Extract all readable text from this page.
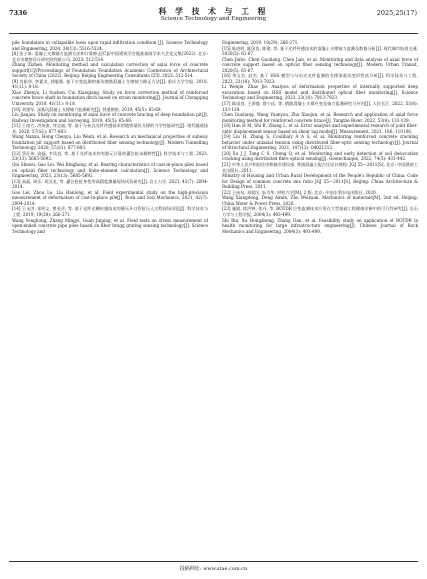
7336	科 学 技 术 与 工 程
Science Technology and Engineering
2025,25(17)

pile foundation in collapsible loess upon rapid infiltration condition [J]. Science Technology and Engineering, 2024, 24(13): 5516-5524.

[8] 张子真. 混凝土支撑轴力监测方法和计算修正[C]//中国建筑学会地基基础学术大会论文集(2022). 北京: 北京市勘察设计研究院有限公司, 2023: 512-514.

Zhang Zizhen. Monitoring method and calculation correction of axial force of concrete support[C]//Proceedings of Foundation Foundation Academic Conference of Architectural Society of China (2022). Beijing: Beijing Engineering Consultants LTD, 2023: 512-514.

[9] 肖振华, 李素贞, 郭聪强. 基于应变监测的基坑钢筋混凝土支撑轴力修正方法[J]. 重庆大学学报, 2018, 41(11): 8-18.

Xiao Zhenyu, Li Suzhen, Cui Xiaoqiang. Study on force correction method of reinforced concrete brace shaft in foundation ditch based on strain monitoring[J]. Journal of Chongqing University, 2018, 41(11): 8-18.

[10] 刘建军. 深基坑混凝土支撑轴力监测研究[J]. 铁道勘察, 2019, 45(5): 65-69.

Liu Jianjun. Study on monitoring of axial force of concrete bracing of deep foundation pit[J]. Railway Investigation and Surveying, 2019, 45(5): 65-69.

[11] 王南方, 洪成南, 刘文丽, 等. 基于分布式光纤传感技术的地铁基坑支撑的力学性能研究[J]. 现代隧道技术, 2020, 57(S1): 877-883.

Wang Nanxu, Hong Chenyu, Liu Wenli, et al. Research on mechanical properties of subway foundation pit support based on distributed fiber sensing technology[J]. Modern Tunnelling Technology, 2020, 57(S1): 877-883.

[12] 蔡仕伟, 高磊, 韦凤良, 等. 基于光纤技术和有限元计算的灌注桩承载特性[J]. 科学技术与工程, 2023, 23(13): 5685-5692.

Qiu Shiwei, Gao Lei, Wei Binghong, et al. Bearing characteristics of cast-in-place piles based on optical fiber technology and finite-element calculation[J]. Science Technology and Engineering, 2023, 23(13): 5685-5692.

[13] 高磊, 周乐, 刘汉龙, 等. 灌注桩桩身变形高精度测量现场试验研究[J]. 岩土力学, 2021, 42(7): 2004-2014.

Gao Lei, Zhou Le, Liu Hanlong, et al. Field experimental study on the high-precision measurement of deformation of cast-in-place pile[J]. Rock and Soil Mechanics, 2021, 42(7): 2004-2014.

[14] 王永洪, 张明义, 曾金萍, 等. 基于光纤光栅传感技术的静压开口管桩压入过程现场试验[J]. 科学技术与工程, 2019, 19(29): 266-271.

Wang Yonghong, Zhang Mingyi, Guan Jinping, et al. Field tests on stress measurement of open-ended concrete pipe piles based on fiber bragg grating sensing technology[J]. Science Technology and

Engineering, 2019, 19(29): 266-271.

[15] 陈进明, 陈国良, 陈建, 等. 基于光纤传感技术的混凝土支撑轴力监测及数据分析[J]. 现代城市轨道交通, 2020(5): 61-67.

Chen Jinbo, Chen Guoliang, Chen Jian, et al. Monitoring and data analysis of axial force of concrete support based on optical fiber sensing technology[J]. Modern Urban Transit, 2020(5): 61-67.

[16] 李文杰, 赵杰. 基于 HSS 模型与分布式光纤监测的支撑深基坑变形性状分析[J]. 科学技术与工程, 2023, 23(18): 7913-7923.

Li Wenjie, Zhao Jie. Analysis of deformation properties of internally supported deep excavation based on HSS model and distributed optical fiber monitoring[J]. Science Technology and Engineering, 2023, 23(18): 7913-7923.

[17] 陈国良, 王源俊, 鲁小珏, 等. 钢筋混凝土支撑应变及轴力监测研究与应用[J]. 人民长江, 2022, 53(8): 133-139.

Chen Guoliang, Wang Yuanyou, Zhu Xiaojun, et al. Research and application of axial force monitoring method for reinforced concrete brace[J]. Yangtze River, 2022, 53(8): 133-139.

[18] Han H M, Shi B, Zhang L, et al. Error analysis and experimental research of joint fiber-optic displacement sensor based on shear lag model[J]. Measurement, 2021, 186: 110106.

[19] Liu H, Zhang S, Coulibaly A A S, et al. Monitoring reinforced concrete cracking behavior under uniaxial tension using distributed fiber-optic sensing technology[J]. Journal of Structural Engineering, 2021, 147(12): 04021212.

[20] Xu J J, Tang C S, Cheng Q, et al. Monitoring and early detection of soil desiccation cracking using distributed fibre optical sensing[J]. Géotechnique, 2022, 74(5): 431-442.

[21] 中华人民共和国住房和城乡建设部. 普通混凝土配合比设计规程: JGJ 55—2011[S]. 北京: 中国建筑工业出版社, 2011.

Ministry of Housing and Urban Rural Development of the People's Republic of China. Code for Design of common concrete mix ratio JGJ 55—2011[S]. Beijing: China Architecture & Building Press, 2011.

[22] 王向东, 邓爱民, 朱为华. 材料力学[M]. 2 版. 北京: 中国水利水电出版社, 2020.

Wang Xiangdong, Deng Aimin, Zhu Weixuan. Mechanics of materials[M]. 2nd ed. Beijing: China Water & Power Press, 2020.

[23] 施斌, 徐洪钟, 张丹, 等. BOTDR 应变监测技术应用在大型基础工程健康诊断中的可行性研究[J]. 岩石力学与工程学报, 2004(3): 493-499.

Shi Bin, Xu Hongzhong, Zhang Dan, et al. Feasibility study on application of BOTDR in health monitoring for large infrastructure engineering[J]. Chinese Journal of Rock Mechanics and Engineering, 2004(3): 493-499.

投稿网址: www.stae.com.cn
